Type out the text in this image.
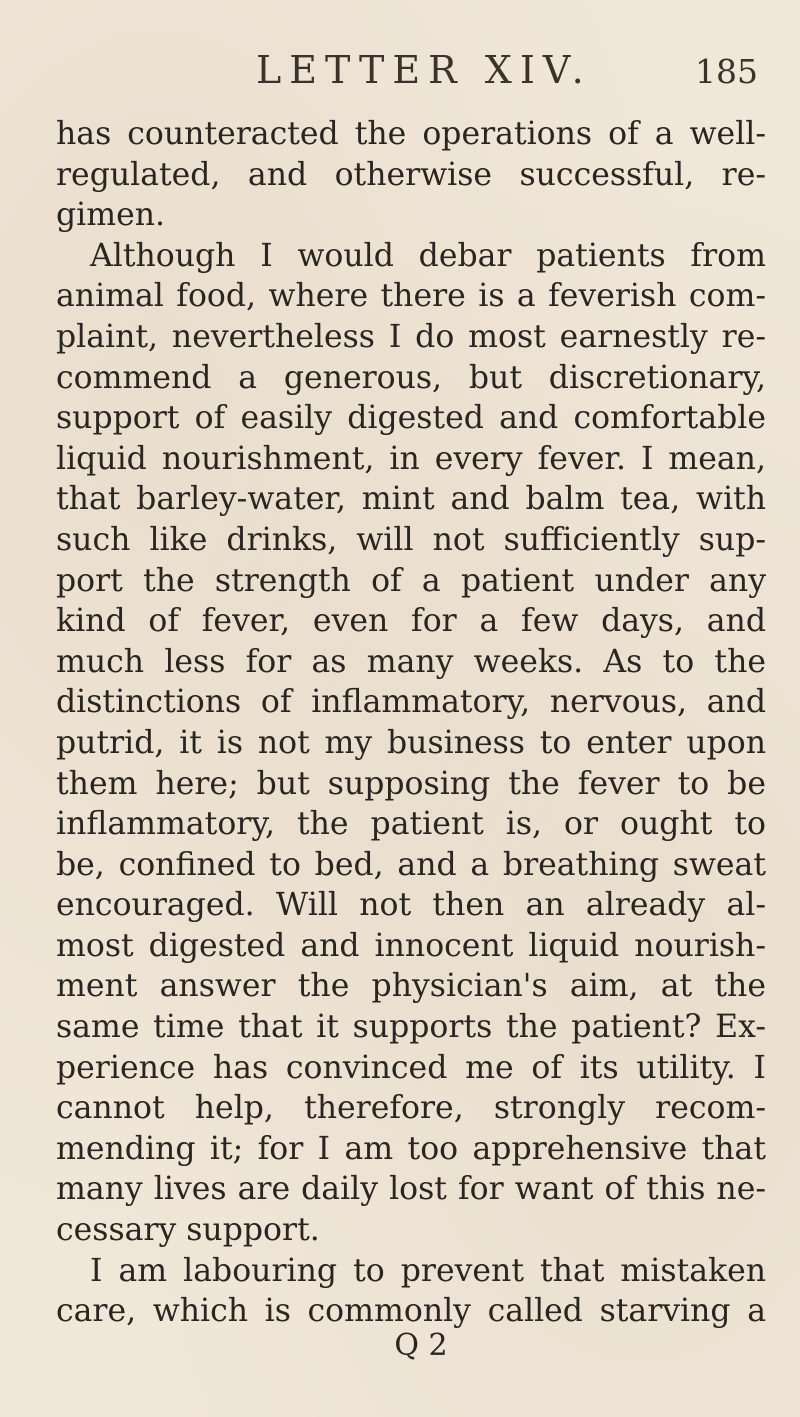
LETTER XIV.	185
has counteracted the operations of a well-
regulated, and otherwise successful, re-
gimen.
Although I would debar patients from
animal food, where there is a feverish com-
plaint, nevertheless I do most earnestly re-
commend a generous, but discretionary,
support of easily digested and comfortable
liquid nourishment, in every fever. I mean,
that barley-water, mint and balm tea, with
such like drinks, will not sufficiently sup-
port the strength of a patient under any
kind of fever, even for a few days, and
much less for as many weeks. As to the
distinctions of inflammatory, nervous, and
putrid, it is not my business to enter upon
them here; but supposing the fever to be
inflammatory, the patient is, or ought to
be, confined to bed, and a breathing sweat
encouraged. Will not then an already al-
most digested and innocent liquid nourish-
ment answer the physician's aim, at the
same time that it supports the patient? Ex-
perience has convinced me of its utility. I
cannot help, therefore, strongly recom-
mending it; for I am too apprehensive that
many lives are daily lost for want of this ne-
cessary support.
I am labouring to prevent that mistaken
care, which is commonly called starving a
Q 2
